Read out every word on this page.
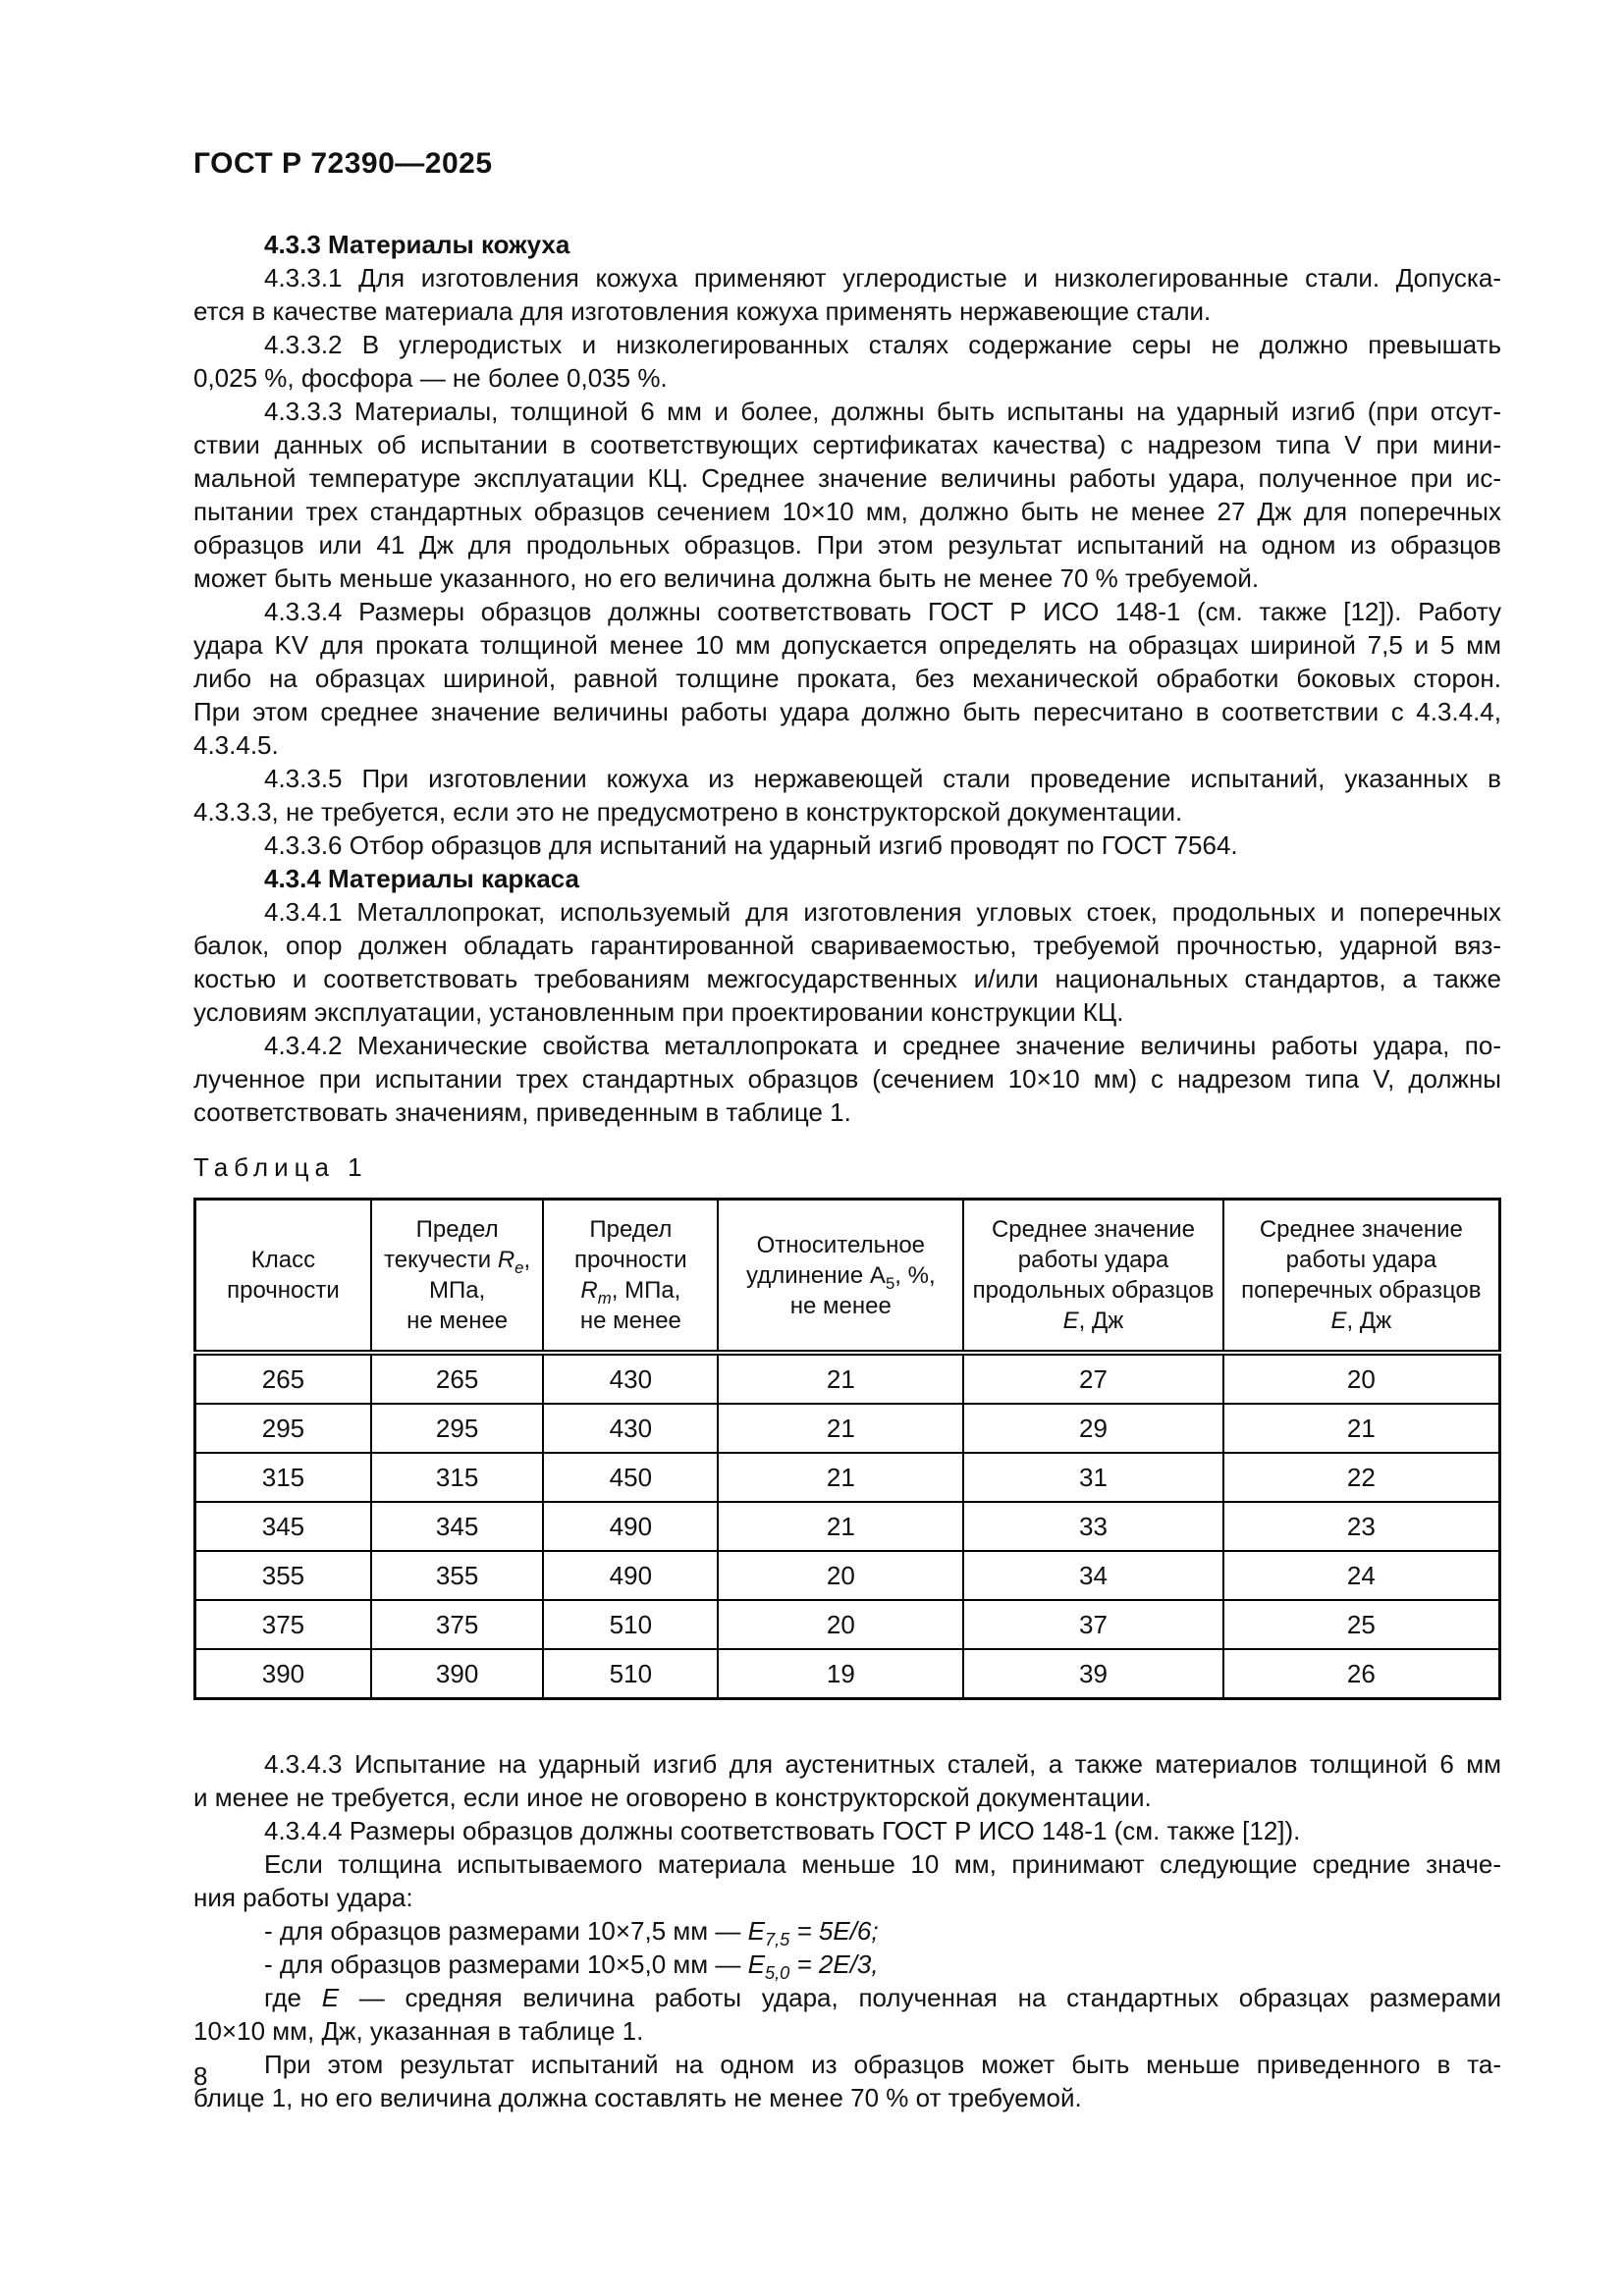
ГОСТ Р 72390—2025
4.3.3 Материалы кожуха
4.3.3.1 Для изготовления кожуха применяют углеродистые и низколегированные стали. Допуска-
ется в качестве материала для изготовления кожуха применять нержавеющие стали.
4.3.3.2 В углеродистых и низколегированных сталях содержание серы не должно превышать
0,025 %, фосфора — не более 0,035 %.
4.3.3.3 Материалы, толщиной 6 мм и более, должны быть испытаны на ударный изгиб (при отсут-
ствии данных об испытании в соответствующих сертификатах качества) с надрезом типа V при мини-
мальной температуре эксплуатации КЦ. Среднее значение величины работы удара, полученное при ис-
пытании трех стандартных образцов сечением 10×10 мм, должно быть не менее 27 Дж для поперечных
образцов или 41 Дж для продольных образцов. При этом результат испытаний на одном из образцов
может быть меньше указанного, но его величина должна быть не менее 70 % требуемой.
4.3.3.4 Размеры образцов должны соответствовать ГОСТ Р ИСО 148-1 (см. также [12]). Работу
удара KV для проката толщиной менее 10 мм допускается определять на образцах шириной 7,5 и 5 мм
либо на образцах шириной, равной толщине проката, без механической обработки боковых сторон.
При этом среднее значение величины работы удара должно быть пересчитано в соответствии с 4.3.4.4,
4.3.4.5.
4.3.3.5 При изготовлении кожуха из нержавеющей стали проведение испытаний, указанных в
4.3.3.3, не требуется, если это не предусмотрено в конструкторской документации.
4.3.3.6 Отбор образцов для испытаний на ударный изгиб проводят по ГОСТ 7564.
4.3.4 Материалы каркаса
4.3.4.1 Металлопрокат, используемый для изготовления угловых стоек, продольных и поперечных
балок, опор должен обладать гарантированной свариваемостью, требуемой прочностью, ударной вяз-
костью и соответствовать требованиям межгосударственных и/или национальных стандартов, а также
условиям эксплуатации, установленным при проектировании конструкции КЦ.
4.3.4.2 Механические свойства металлопроката и среднее значение величины работы удара, по-
лученное при испытании трех стандартных образцов (сечением 10×10 мм) с надрезом типа V, должны
соответствовать значениям, приведенным в таблице 1.
Таблица 1
Класс
прочности	Предел
текучести $R_е$,
МПа,
не менее	Предел
прочности
$R_m$, МПа,
не менее	Относительное
удлинение $А_5$, %,
не менее	Среднее значение
работы удара
продольных образцов
Е, Дж	Среднее значение
работы удара
поперечных образцов
Е, Дж
265	265	430	21	27	20
295	295	430	21	29	21
315	315	450	21	31	22
345	345	490	21	33	23
355	355	490	20	34	24
375	375	510	20	37	25
390	390	510	19	39	26
4.3.4.3 Испытание на ударный изгиб для аустенитных сталей, а также материалов толщиной 6 мм
и менее не требуется, если иное не оговорено в конструкторской документации.
4.3.4.4 Размеры образцов должны соответствовать ГОСТ Р ИСО 148-1 (см. также [12]).
Если толщина испытываемого материала меньше 10 мм, принимают следующие средние значе-
ния работы удара:
- для образцов размерами 10×7,5 мм — $E_{7,5} = 5E/6$;
- для образцов размерами 10×5,0 мм — $E_{5,0} = 2E/3$,
где Е — средняя величина работы удара, полученная на стандартных образцах размерами
10×10 мм, Дж, указанная в таблице 1.
При этом результат испытаний на одном из образцов может быть меньше приведенного в та-
блице 1, но его величина должна составлять не менее 70 % от требуемой.
8
